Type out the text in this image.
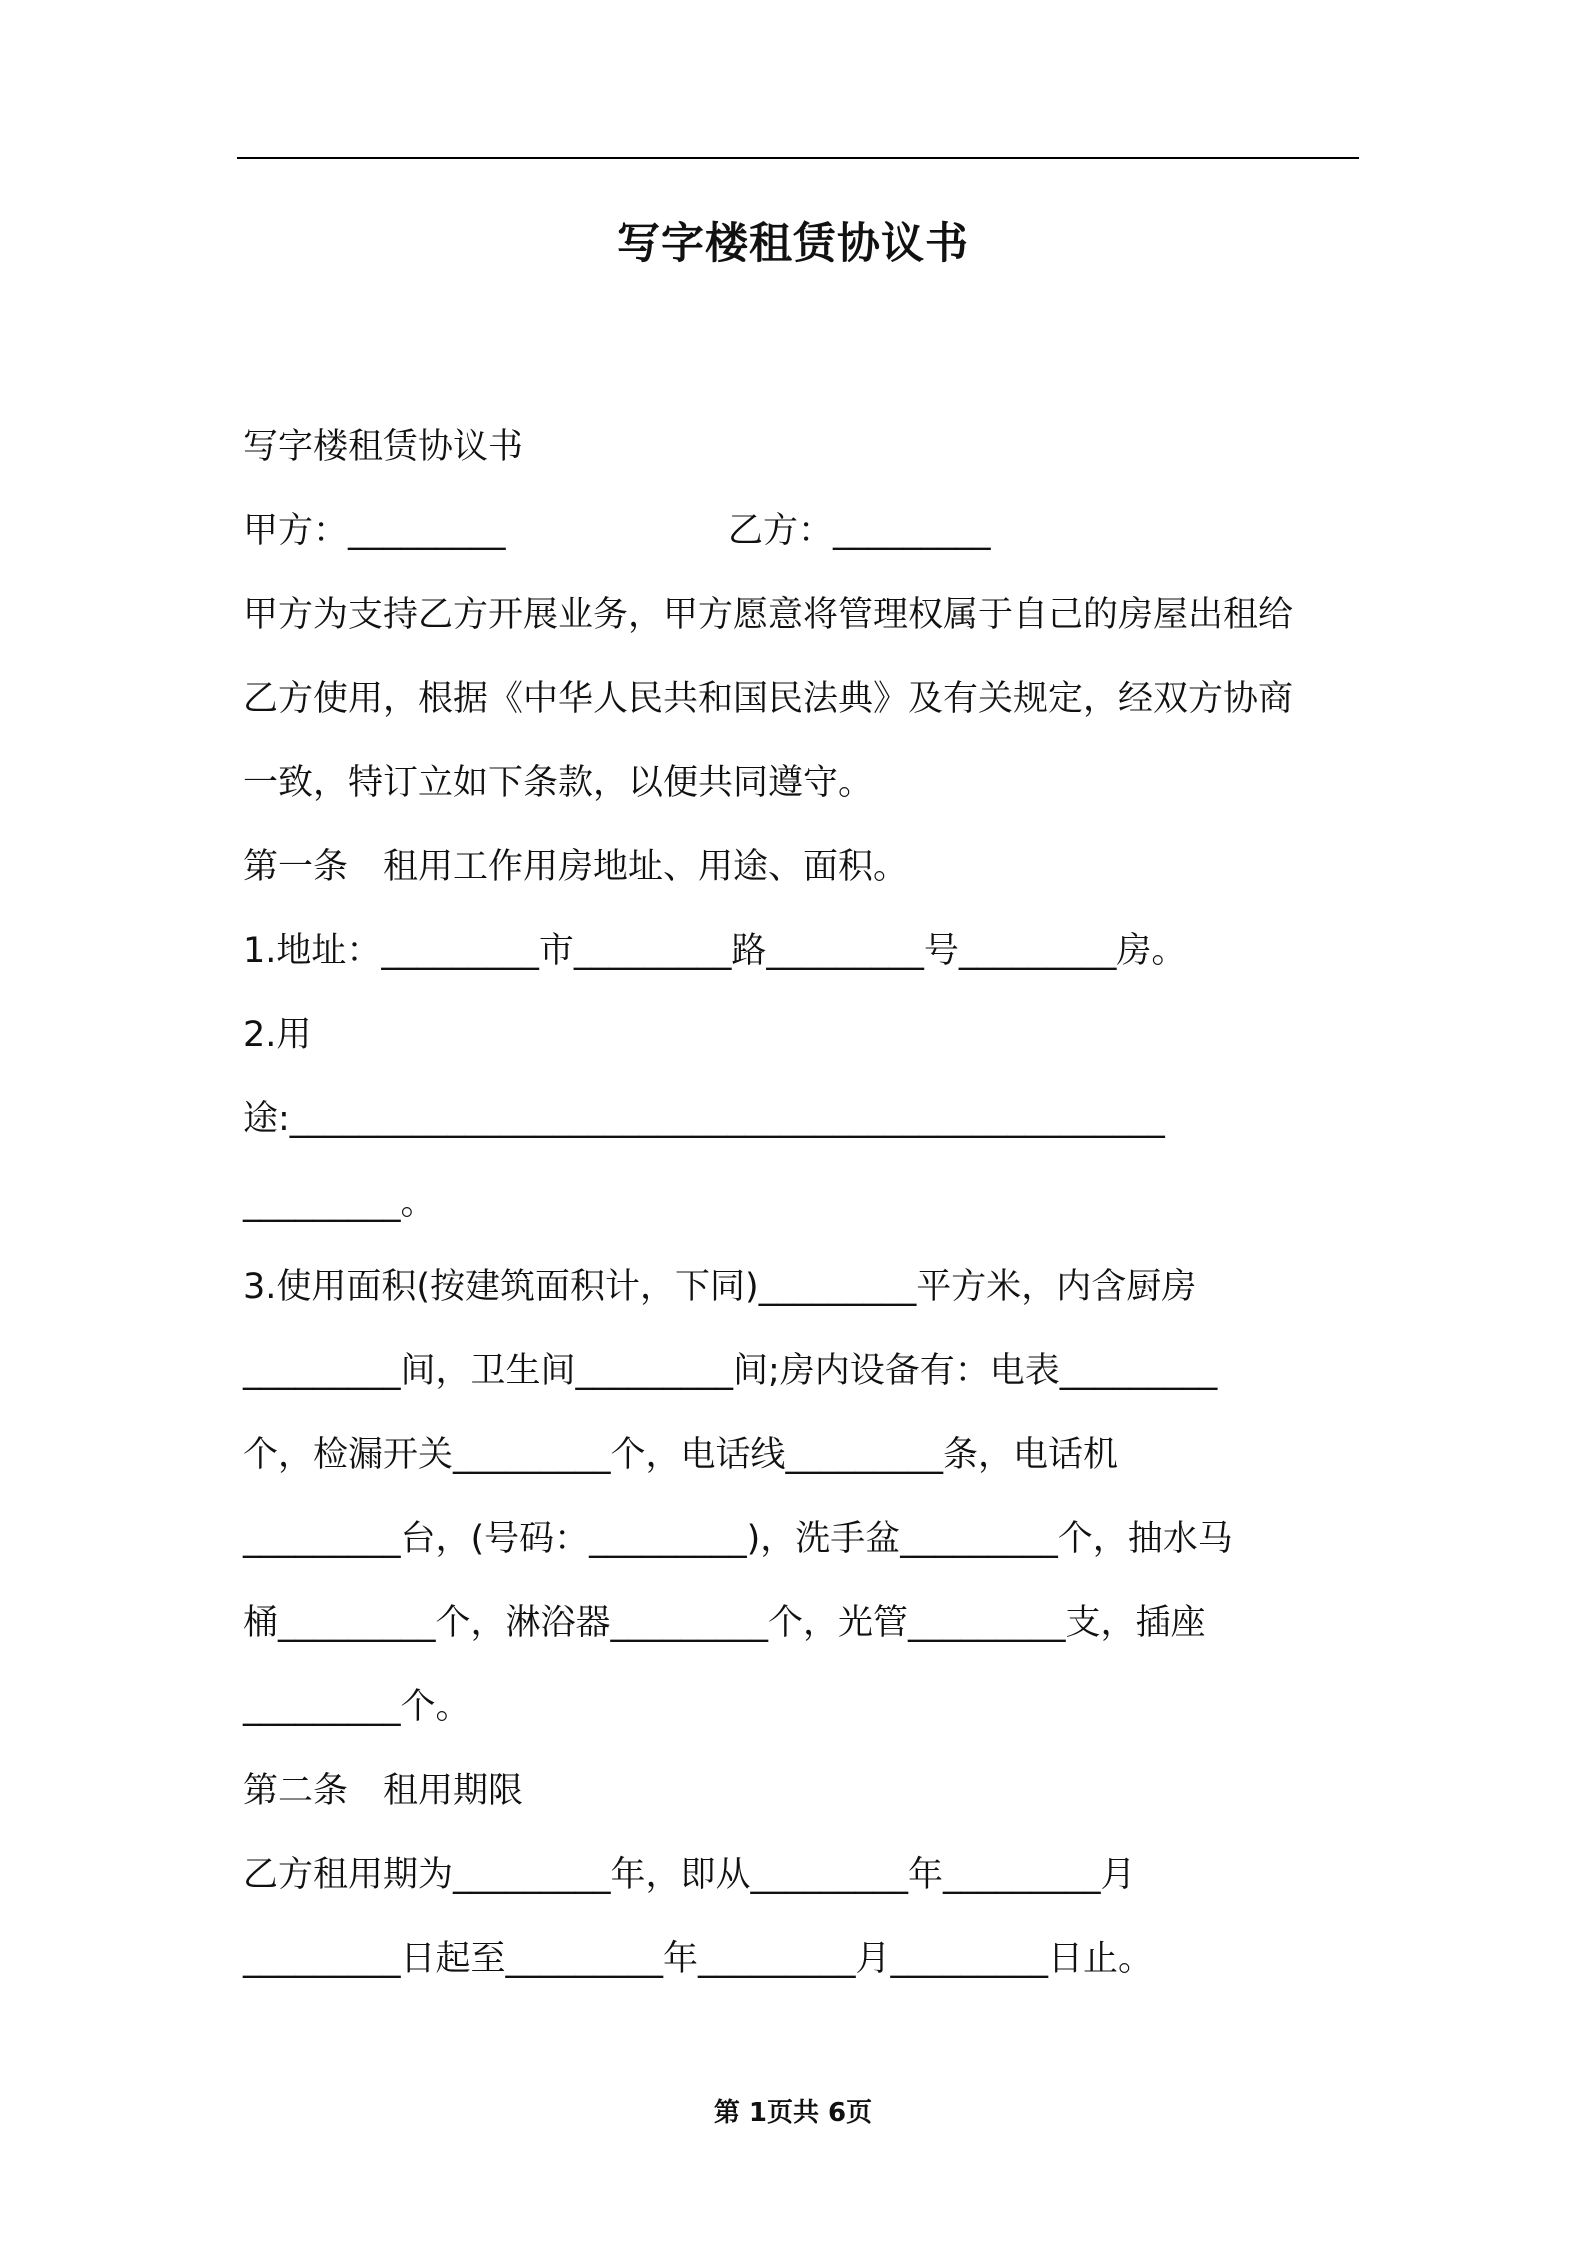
写字楼租赁协议书
写字楼租赁协议书
甲方：_________                    乙方：_________
甲方为支持乙方开展业务，甲方愿意将管理权属于自己的房屋出租给
乙方使用，根据《中华人民共和国民法典》及有关规定，经双方协商
一致，特订立如下条款，以便共同遵守。
第一条　租用工作用房地址、用途、面积。
1.地址：_________市_________路_________号_________房。
2.用
途:__________________________________________________
_________。
3.使用面积(按建筑面积计，下同)_________平方米，内含厨房
_________间，卫生间_________间;房内设备有：电表_________
个，检漏开关_________个，电话线_________条，电话机
_________台，(号码：_________)，洗手盆_________个，抽水马
桶_________个，淋浴器_________个，光管_________支，插座
_________个。
第二条　租用期限
乙方租用期为_________年，即从_________年_________月
_________日起至_________年_________月_________日止。
第 1页共 6页
